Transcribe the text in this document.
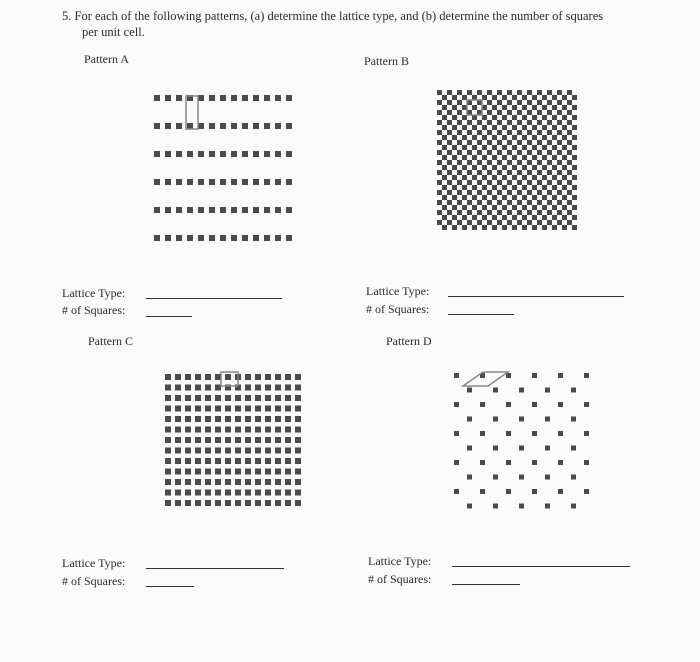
5. For each of the following patterns, (a) determine the lattice type, and (b) determine the number of squares
per unit cell.
Pattern A	Pattern B
Pattern C	Pattern D
Lattice Type:
# of Squares:
Lattice Type:
# of Squares:
Lattice Type:
# of Squares:
Lattice Type:
# of Squares:
